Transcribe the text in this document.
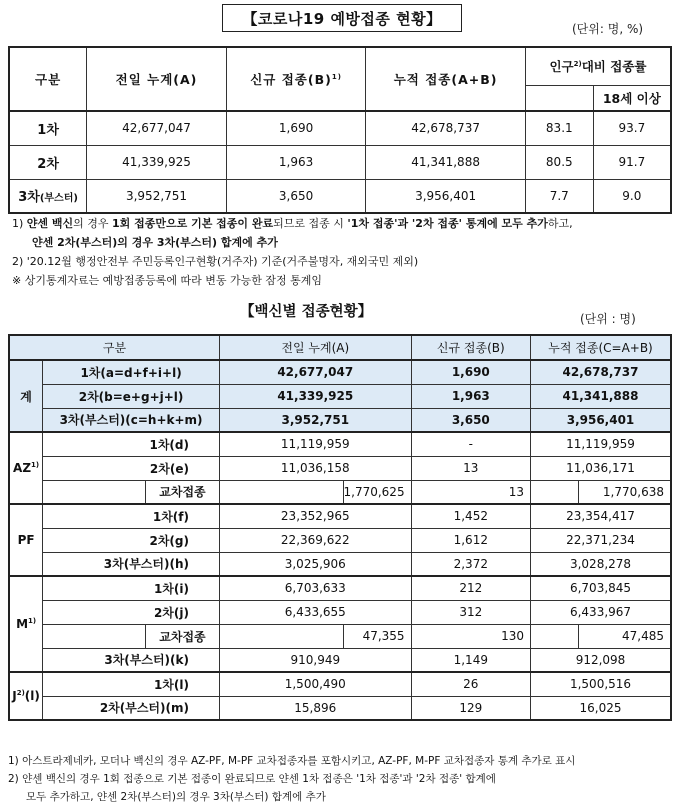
【코로나19 예방접종 현황】
(단위: 명, %)
구분	전일 누계(A)	신규 접종$(B)^{1)}$	누적 접종(A+B)	인구$^{2)}$대비 접종률	
					18세 이상
1차	42,677,047	1,690	42,678,737	83.1	93.7
2차	41,339,925	1,963	41,341,888	80.5	91.7
3차(부스터)	3,952,751	3,650	3,956,401	7.7	9.0
1) 얀센 백신의 경우 1회 접종만으로 기본 접종이 완료되므로 접종 시 '1차 접종'과 '2차 접종' 통계에 모두 추가하고,
얀센 2차(부스터)의 경우 3차(부스터) 합계에 추가
2) '20.12월 행정안전부 주민등록인구현황(거주자) 기준(거주불명자, 재외국민 제외)
※ 상기통계자료는 예방접종등록에 따라 변동 가능한 잠정 통계임
【백신별 접종현황】	(단위 : 명)
구분			전일 누계(A)		신규 접종(B)	누적 접종(C=A+B)	
계	1차(a=d+f+i+l)		42,677,047		1,690	42,678,737	
	2차(b=e+g+j+l)		41,339,925		1,963	41,341,888	
	3차(부스터)(c=h+k+m)		3,952,751		3,650	3,956,401	
AZ$^{1)}$	1차(d)		11,119,959		-	11,119,959	
	2차(e)		11,036,158		13	11,036,171	
		교차접종		1,770,625	13		1,770,638
PF	1차(f)		23,352,965		1,452	23,354,417	
	2차(g)		22,369,622		1,612	22,371,234	
	3차(부스터)(h)		3,025,906		2,372	3,028,278	
$M^{1)}$	1차(i)		6,703,633		212	6,703,845	
	2차(j)		6,433,655		312	6,433,967	
		교차접종		47,355	130		47,485
	3차(부스터)(k)		910,949		1,149	912,098	
$J^{2)}(l)$	1차(l)		1,500,490		26	1,500,516	
	2차(부스터)(m)		15,896		129	16,025	
1) 아스트라제네카, 모더나 백신의 경우 AZ-PF, M-PF 교차접종자를 포함시키고, AZ-PF, M-PF 교차접종자 통계 추가로 표시
2) 얀센 백신의 경우 1회 접종으로 기본 접종이 완료되므로 얀센 1차 접종은 '1차 접종'과 '2차 접종' 합계에
모두 추가하고, 얀센 2차(부스터)의 경우 3차(부스터) 합계에 추가
